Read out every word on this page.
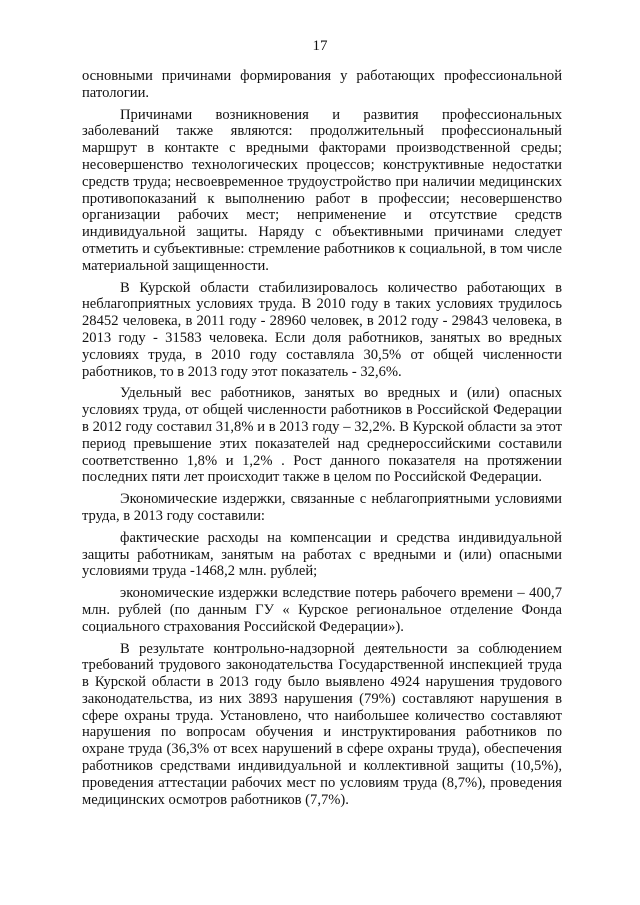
17

основными причинами формирования у работающих профессиональной патологии.

Причинами возникновения и развития профессиональных заболеваний также являются: продолжительный профессиональный маршрут в контакте с вредными факторами производственной среды; несовершенство технологических процессов; конструктивные недостатки средств труда; несвоевременное трудоустройство при наличии медицинских противопоказаний к выполнению работ в профессии; несовершенство организации рабочих мест; неприменение и отсутствие средств индивидуальной защиты. Наряду с объективными причинами следует отметить и субъективные: стремление работников к социальной, в том числе материальной защищенности.

В Курской области стабилизировалось количество работающих в неблагоприятных условиях труда. В 2010 году в таких условиях трудилось 28452 человека, в 2011 году - 28960 человек, в 2012 году - 29843 человека, в 2013 году - 31583 человека. Если доля работников, занятых во вредных условиях труда, в 2010 году составляла 30,5% от общей численности работников, то в 2013 году этот показатель - 32,6%.

Удельный вес работников, занятых во вредных и (или) опасных условиях труда, от общей численности работников в Российской Федерации в 2012 году составил 31,8% и в 2013 году – 32,2%. В Курской области за этот период превышение этих показателей над среднероссийскими составили соответственно 1,8% и 1,2% . Рост данного показателя на протяжении последних пяти лет происходит также в целом по Российской Федерации.

Экономические издержки, связанные с неблагоприятными условиями труда, в 2013 году составили:

фактические расходы на компенсации и средства индивидуальной защиты работникам, занятым на работах с вредными и (или) опасными условиями труда -1468,2 млн. рублей;

экономические издержки вследствие потерь рабочего времени – 400,7 млн. рублей (по данным ГУ « Курское региональное отделение Фонда социального страхования Российской Федерации»).

В результате контрольно-надзорной деятельности за соблюдением требований трудового законодательства Государственной инспекцией труда в Курской области в 2013 году было выявлено 4924 нарушения трудового законодательства, из них 3893 нарушения (79%) составляют нарушения в сфере охраны труда. Установлено, что наибольшее количество составляют нарушения по вопросам обучения и инструктирования работников по охране труда (36,3% от всех нарушений в сфере охраны труда), обеспечения работников средствами индивидуальной и коллективной защиты (10,5%), проведения аттестации рабочих мест по условиям труда (8,7%), проведения медицинских осмотров работников (7,7%).
